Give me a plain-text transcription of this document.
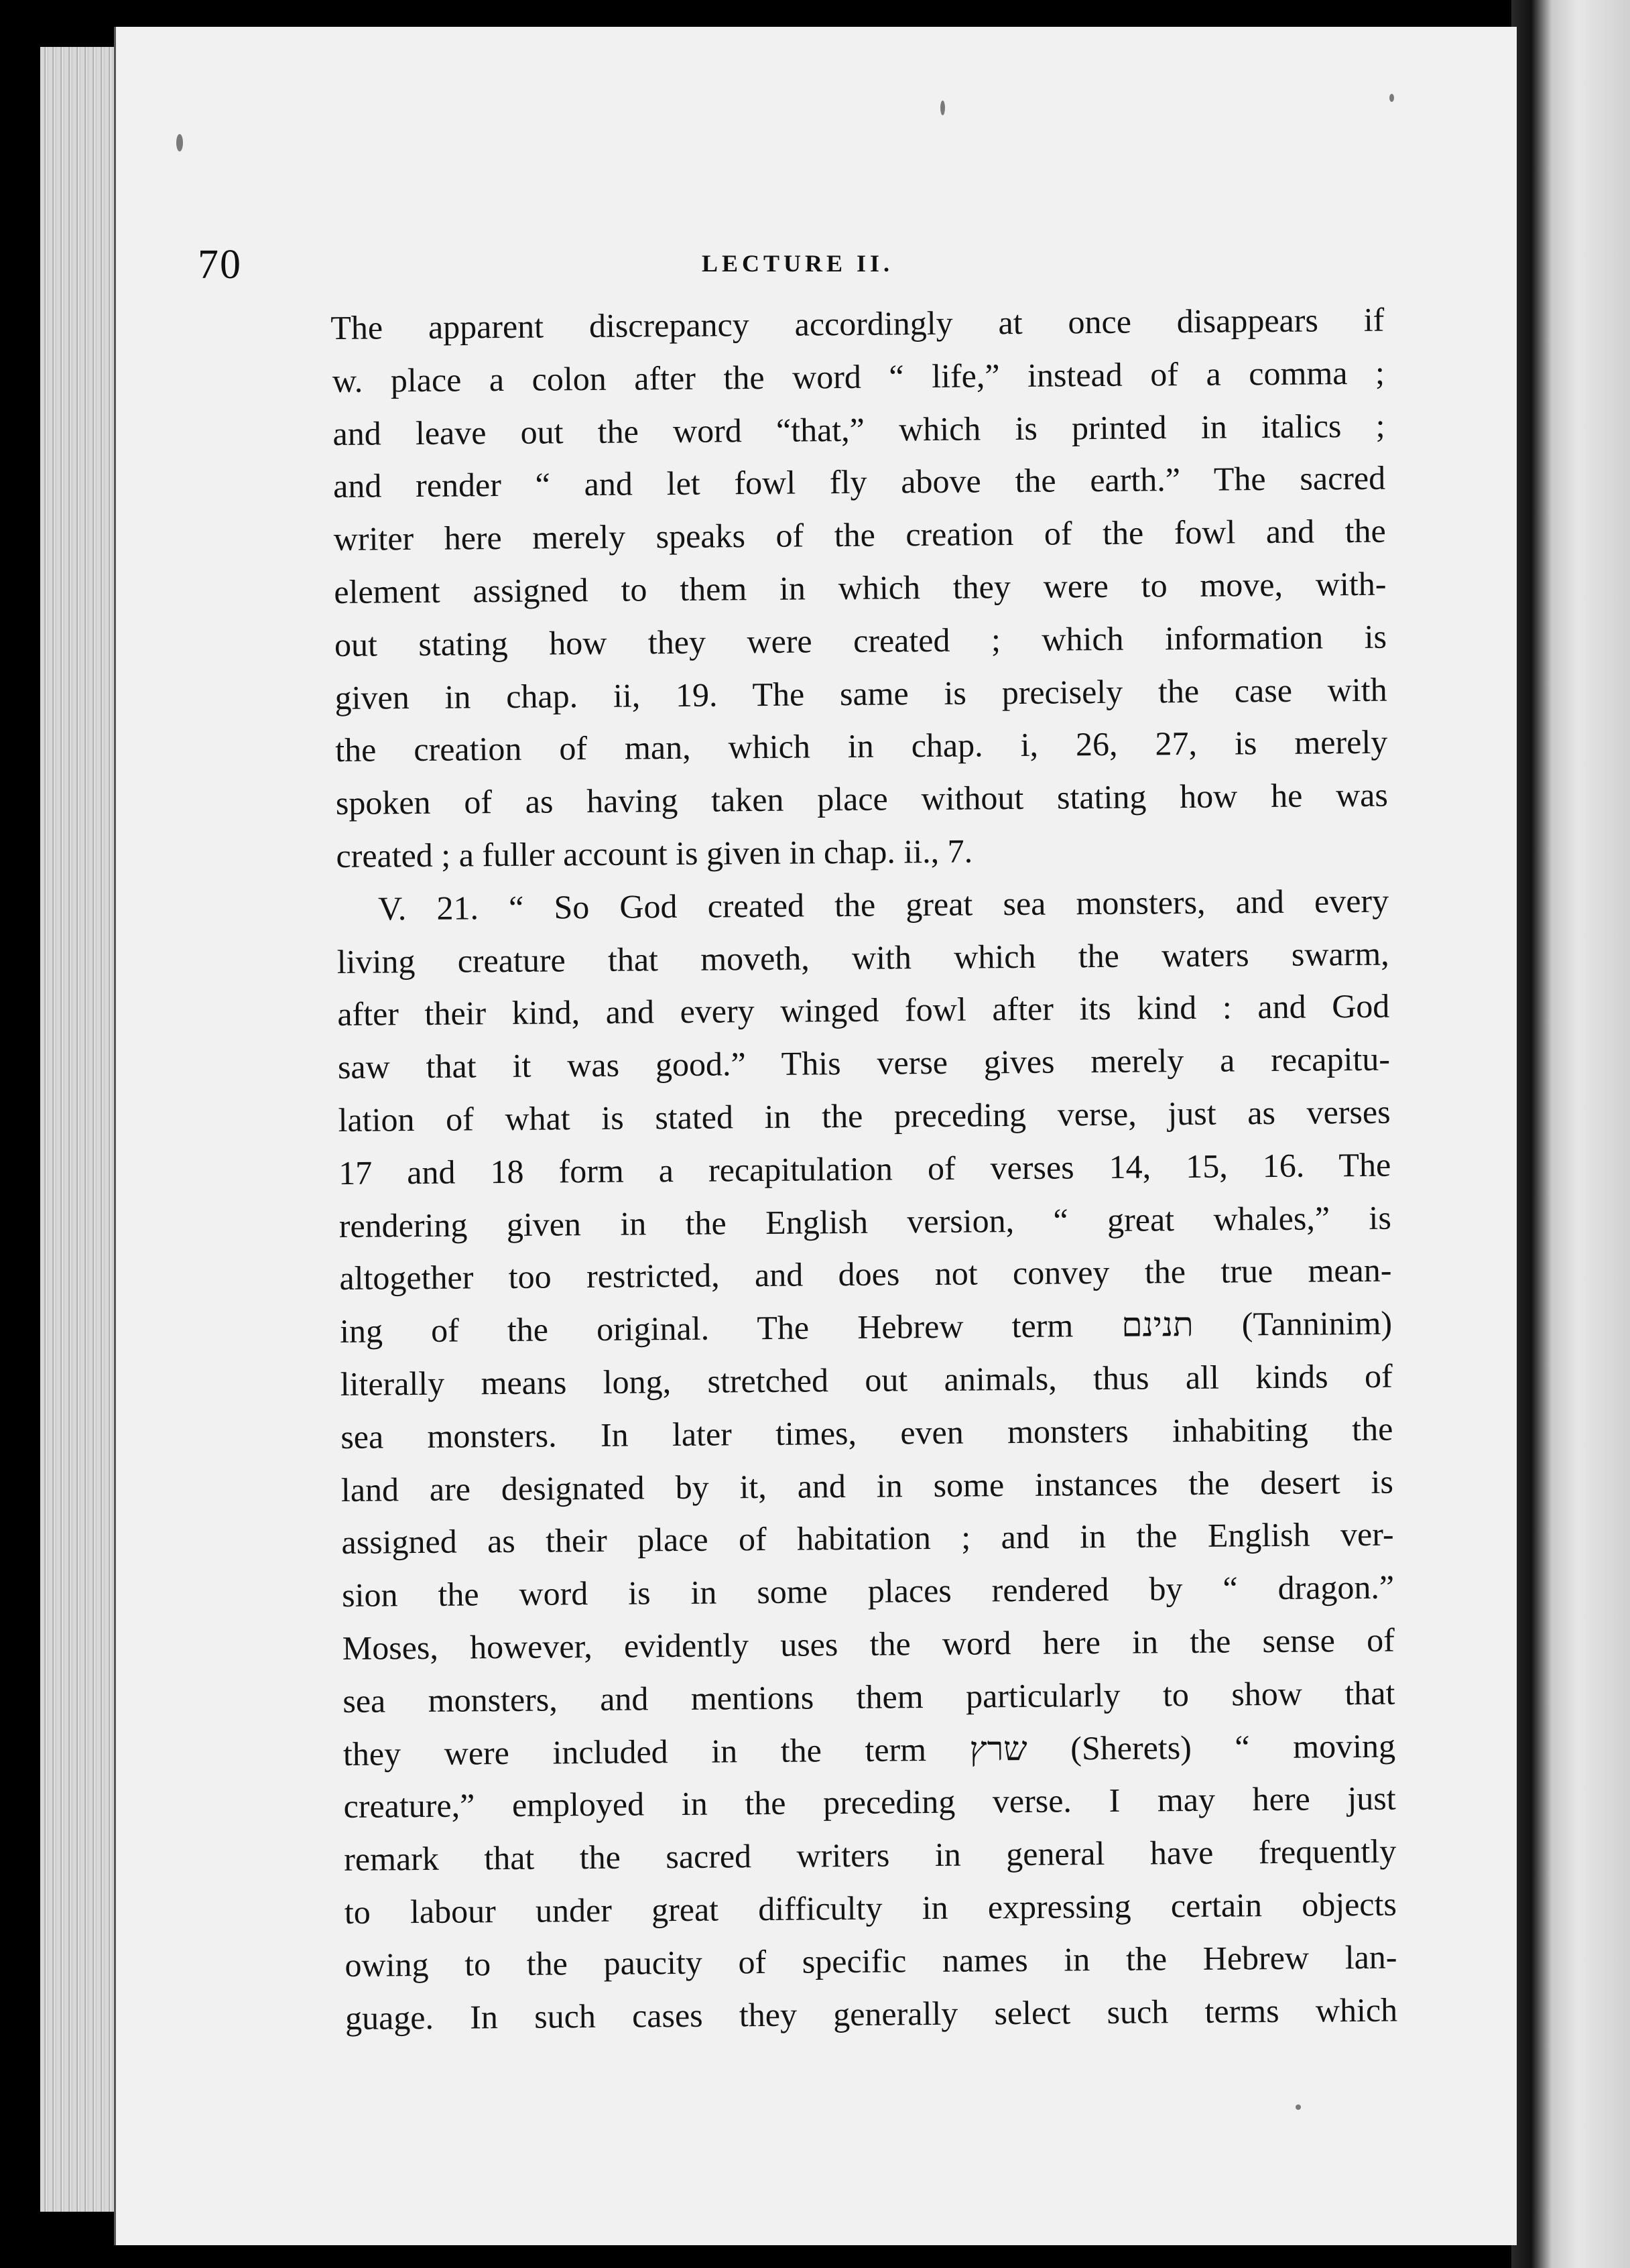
70	LECTURE II.
The apparent discrepancy accordingly at once disappears if
w. place a colon after the word “ life,” instead of a comma ;
and leave out the word “that,” which is printed in italics ;
and render “ and let fowl fly above the earth.” The sacred
writer here merely speaks of the creation of the fowl and the
element assigned to them in which they were to move, with-
out stating how they were created ; which information is
given in chap. ii, 19. The same is precisely the case with
the creation of man, which in chap. i, 26, 27, is merely
spoken of as having taken place without stating how he was
created ; a fuller account is given in chap. ii., 7.
V. 21. “ So God created the great sea monsters, and every
living creature that moveth, with which the waters swarm,
after their kind, and every winged fowl after its kind : and God
saw that it was good.” This verse gives merely a recapitu-
lation of what is stated in the preceding verse, just as verses
17 and 18 form a recapitulation of verses 14, 15, 16. The
rendering given in the English version, “ great whales,” is
altogether too restricted, and does not convey the true mean-
ing of the original. The Hebrew term תנינם (Tanninim)
literally means long, stretched out animals, thus all kinds of
sea monsters. In later times, even monsters inhabiting the
land are designated by it, and in some instances the desert is
assigned as their place of habitation ; and in the English ver-
sion the word is in some places rendered by “ dragon.”
Moses, however, evidently uses the word here in the sense of
sea monsters, and mentions them particularly to show that
they were included in the term שרץ (Sherets) “ moving
creature,” employed in the preceding verse. I may here just
remark that the sacred writers in general have frequently
to labour under great difficulty in expressing certain objects
owing to the paucity of specific names in the Hebrew lan-
guage. In such cases they generally select such terms which
